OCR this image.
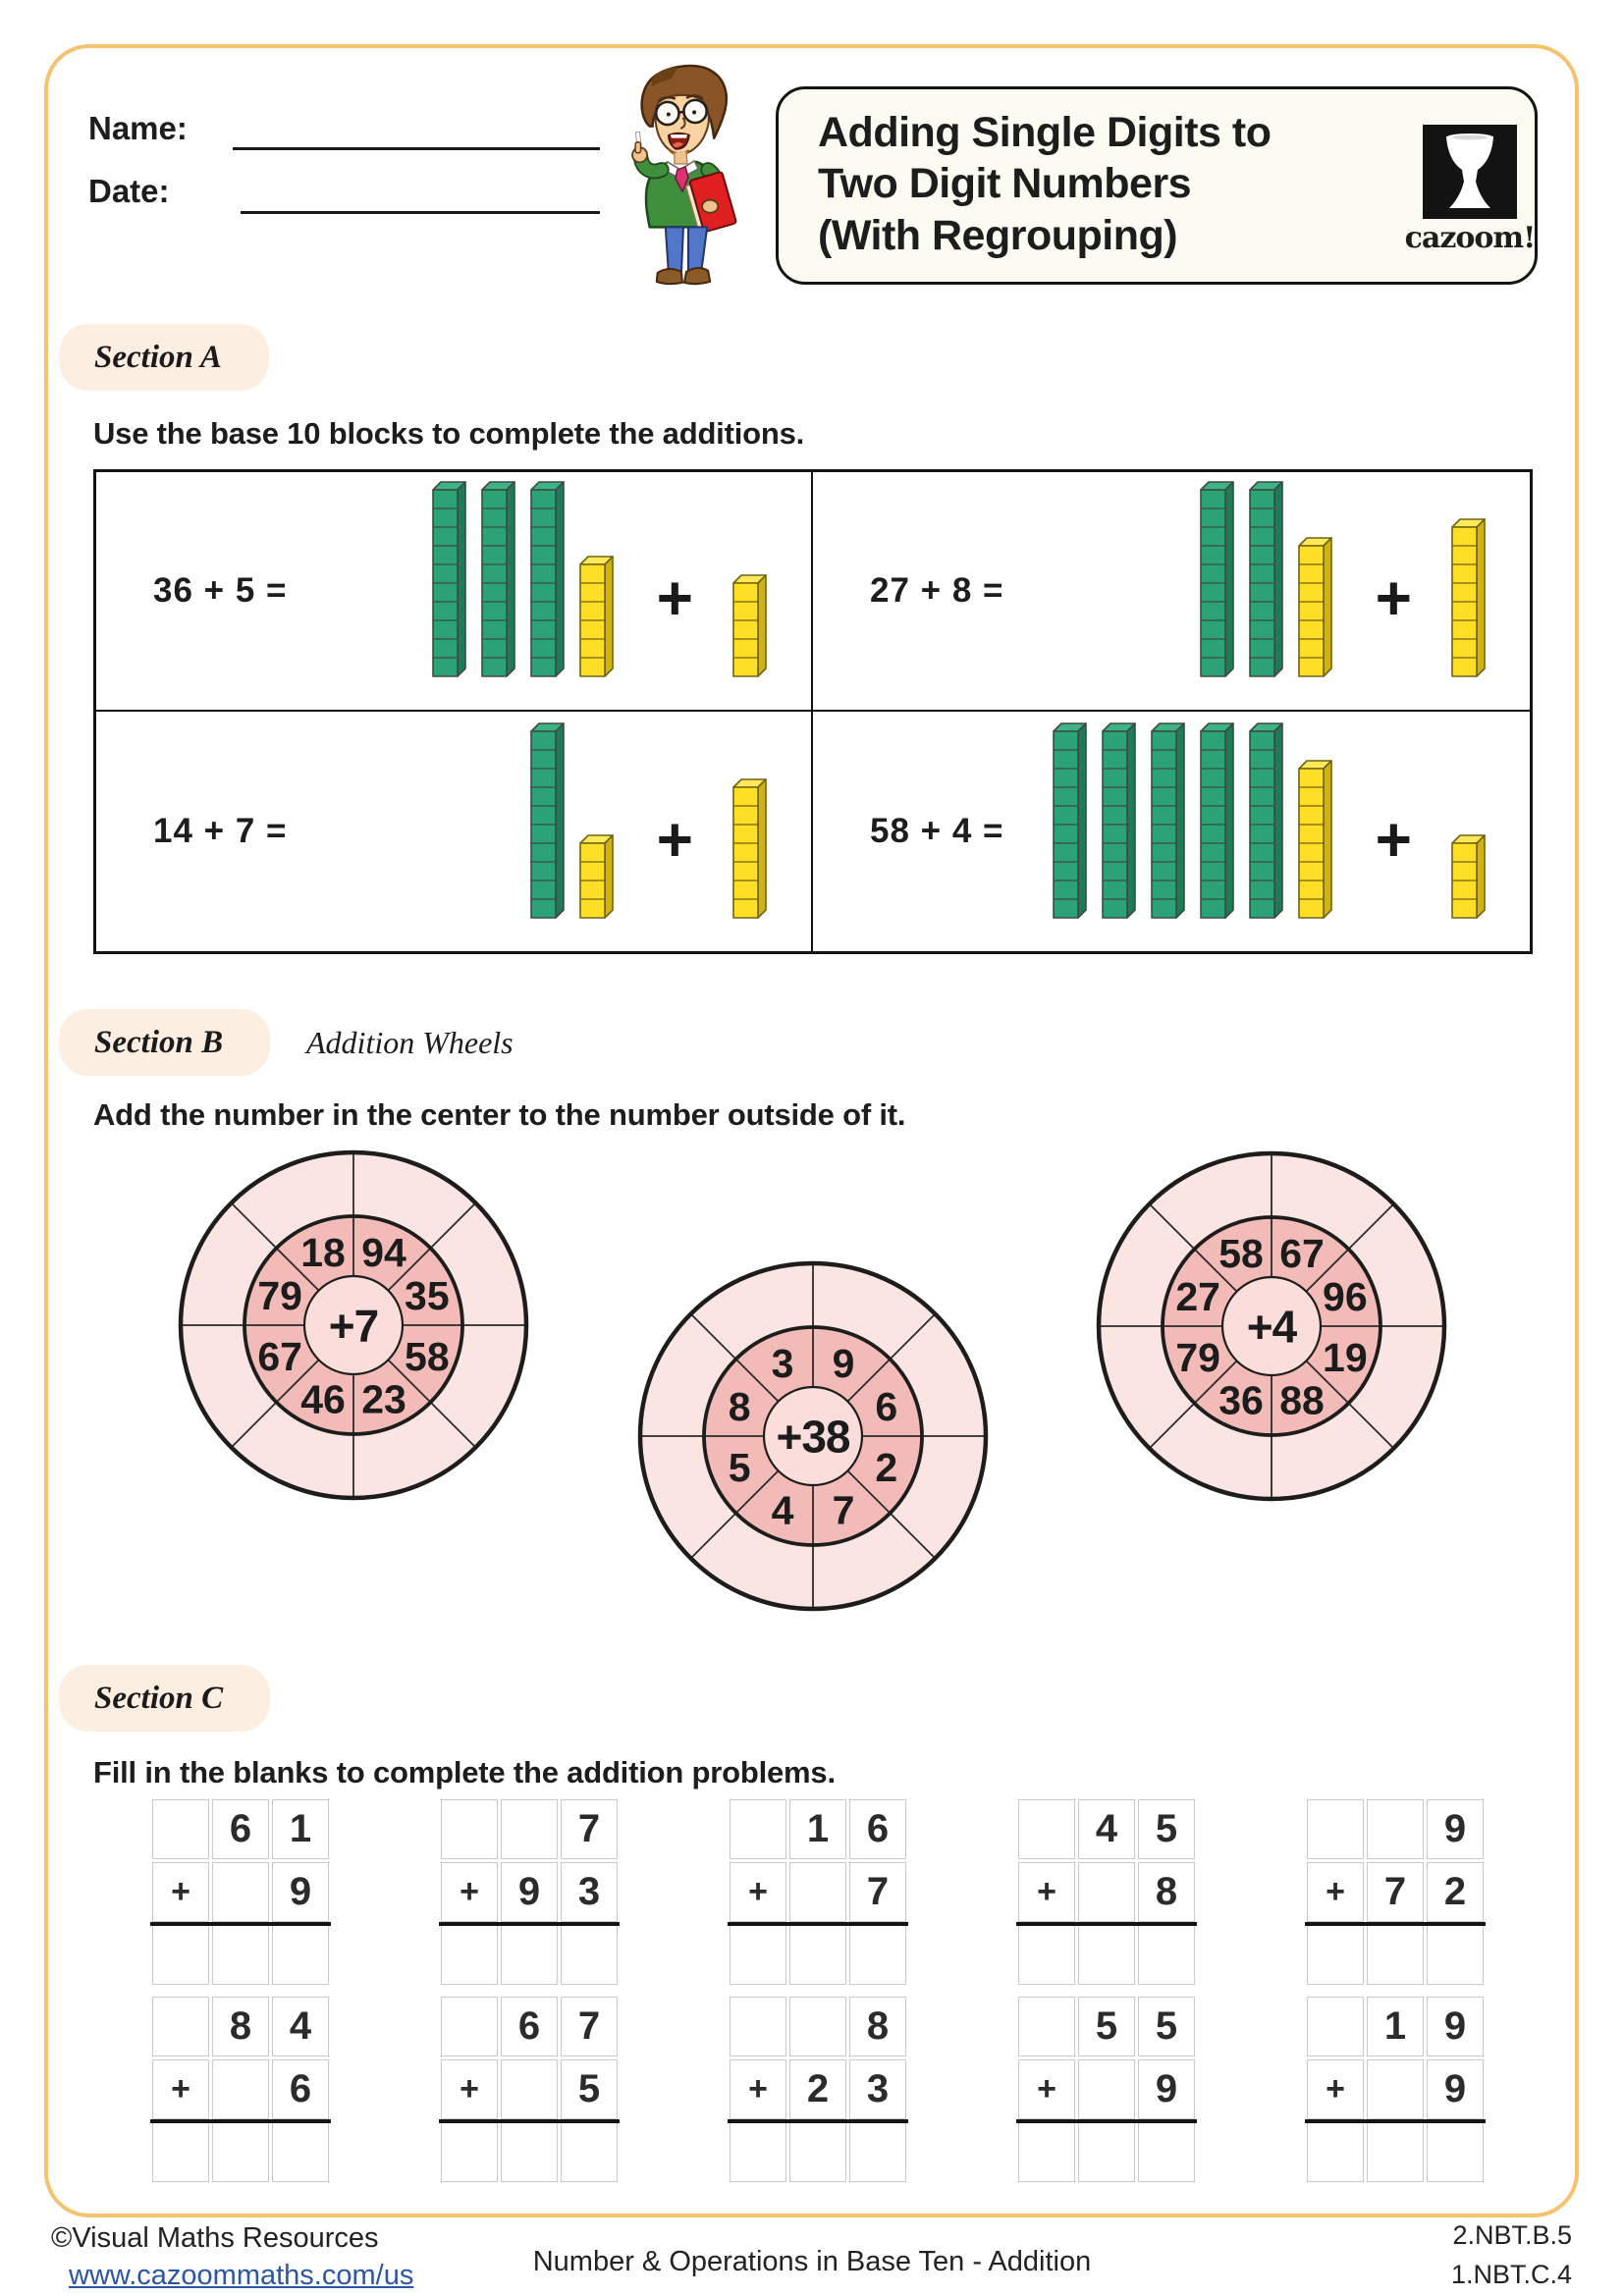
Name:
Date:
Adding Single Digits to
Two Digit Numbers
(With Regrouping)	cazoom!
Section A
Use the base 10 blocks to complete the additions.
36 + 5 =	+	27 + 8 =	+
14 + 7 =	+	58 + 4 =	+
Section B	Addition Wheels
Add the number in the center to the number outside of it.
94
35
58
23
46
67
79
18
+7
9
6
2
7
4
5
8
3
+38
67
96
19
88
36
79
27
58
+4
Section C
Fill in the blanks to complete the addition problems.
6 1
+	9
7
+ 9 3
1 6
+	7
4 5
+	8
9
+ 7 2
8 4
+	6
6 7
+	5
8
+ 2 3
5 5
+	9
1 9
+	9
©Visual Maths Resources
www.cazoommaths.com/us	Number & Operations in Base Ten - Addition
2.NBT.B.5
1.NBT.C.4
